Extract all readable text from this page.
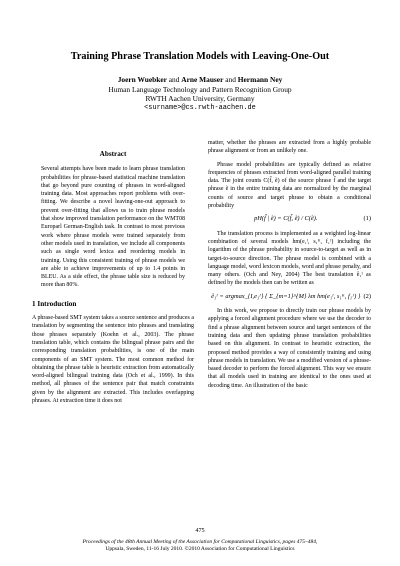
Training Phrase Translation Models with Leaving-One-Out
Joern Wuebker and Arne Mauser and Hermann Ney
Human Language Technology and Pattern Recognition Group
RWTH Aachen University, Germany
<surname>@cs.rwth-aachen.de
Abstract

Several attempts have been made to learn phrase translation probabilities for phrase-based statistical machine translation that go beyond pure counting of phrases in word-aligned training data. Most approaches report problems with over-fitting. We describe a novel leaving-one-out approach to prevent over-fitting that allows us to train phrase models that show improved translation performance on the WMT08 Europarl German-English task. In contrast to most previous work where phrase models were trained separately from other models used in translation, we include all components such as single word lexica and reordering models in training. Using this consistent training of phrase models we are able to achieve improvements of up to 1.4 points in BLEU. As a side effect, the phrase table size is reduced by more than 80%.

1 Introduction

A phrase-based SMT system takes a source sentence and produces a translation by segmenting the sentence into phrases and translating those phrases separately (Koehn et al., 2003). The phrase translation table, which contains the bilingual phrase pairs and the corresponding translation probabilities, is one of the main components of an SMT system. The most common method for obtaining the phrase table is heuristic extraction from automatically word-aligned bilingual training data (Och et al., 1999). In this method, all phrases of the sentence pair that match constraints given by the alignment are extracted. This includes overlapping phrases. At extraction time it does not

matter, whether the phrases are extracted from a highly probable phrase alignment or from an unlikely one.

Phrase model probabilities are typically defined as relative frequencies of phrases extracted from word-aligned parallel training data. The joint counts C(f̃, ẽ) of the source phrase f̃ and the target phrase ẽ in the entire training data are normalized by the marginal counts of source and target phrase to obtain a conditional probability

pH(f̃ | ẽ) = C(f̃, ẽ) / C(ẽ).	(1)

The translation process is implemented as a weighted log-linear combination of several models hm(e₁ᴵ, s₁ᴷ, f₁ᴶ) including the logarithm of the phrase probability in source-to-target as well as in target-to-source direction. The phrase model is combined with a language model, word lexicon models, word and phrase penalty, and many others. (Och and Ney, 2004) The best translation ê₁ᴵ as defined by the models then can be written as

ê₁ᴵ = argmax_{I,e₁ᴵ} { Σ_{m=1}^{M} λm hm(e₁ᴵ, s₁ᴷ, f₁ᴶ) } (2)

In this work, we propose to directly train our phrase models by applying a forced alignment procedure where we use the decoder to find a phrase alignment between source and target sentences of the training data and then updating phrase translation probabilities based on this alignment. In contrast to heuristic extraction, the proposed method provides a way of consistently training and using phrase models in translation. We use a modified version of a phrase-based decoder to perform the forced alignment. This way we ensure that all models used in training are identical to the ones used at decoding time. An illustration of the basic

475
Proceedings of the 48th Annual Meeting of the Association for Computational Linguistics, pages 475–484,
Uppsala, Sweden, 11-16 July 2010. ©2010 Association for Computational Linguistics
